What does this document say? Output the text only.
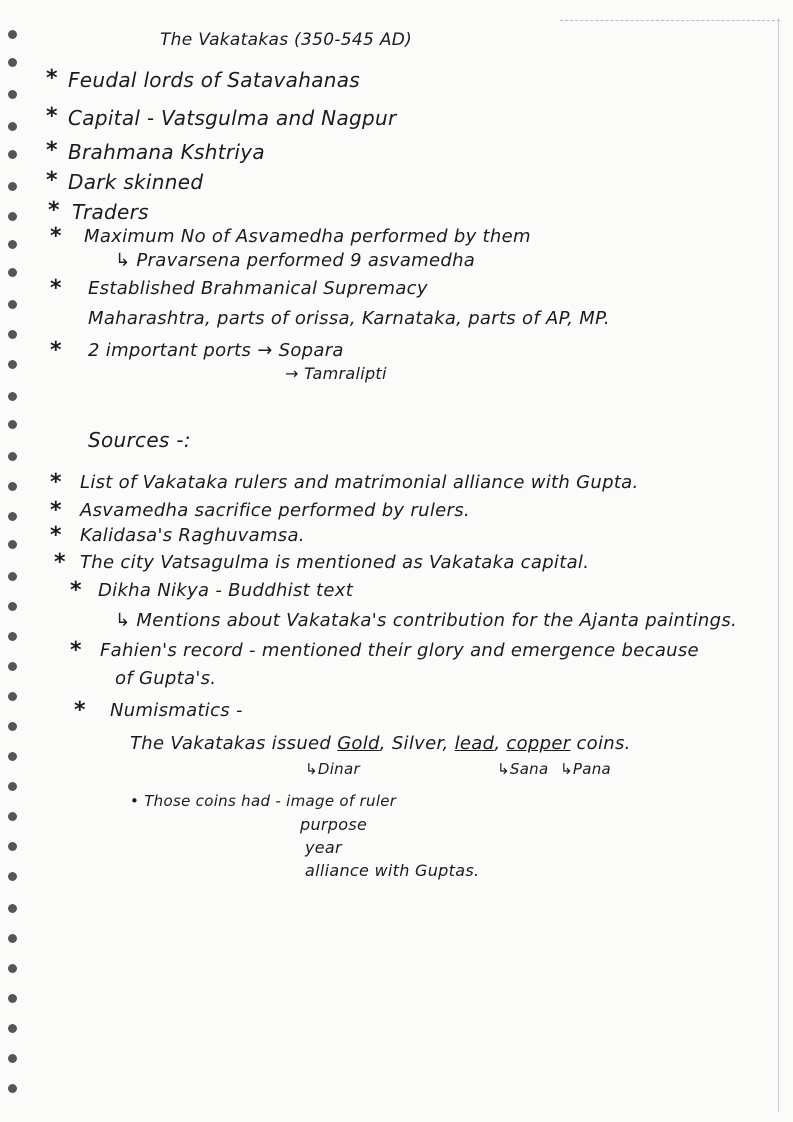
The Vakatakas (350-545 AD)
* Feudal lords of Satavahanas
* Capital - Vatsgulma and Nagpur
* Brahmana Kshtriya
* Dark skinned
* Traders
* Maximum No of Asvamedha performed by them
↳ Pravarsena performed 9 asvamedha
* Established Brahmanical Supremacy
Maharashtra, parts of orissa, Karnataka, parts of AP, MP.
* 2 important ports → Sopara
→ Tamralipti
Sources -:
* List of Vakataka rulers and matrimonial alliance with Gupta.
* Asvamedha sacrifice performed by rulers.
* Kalidasa's Raghuvamsa.
* The city Vatsagulma is mentioned as Vakataka capital.
* Dikha Nikya - Buddhist text
↳ Mentions about Vakataka's contribution for the Ajanta paintings.
* Fahien's record - mentioned their glory and emergence because
of Gupta's.
* Numismatics -
The Vakatakas issued Gold, Silver, lead, copper coins.
↳Dinar	↳Sana ↳Pana
• Those coins had - image of ruler
purpose
year
alliance with Guptas.
